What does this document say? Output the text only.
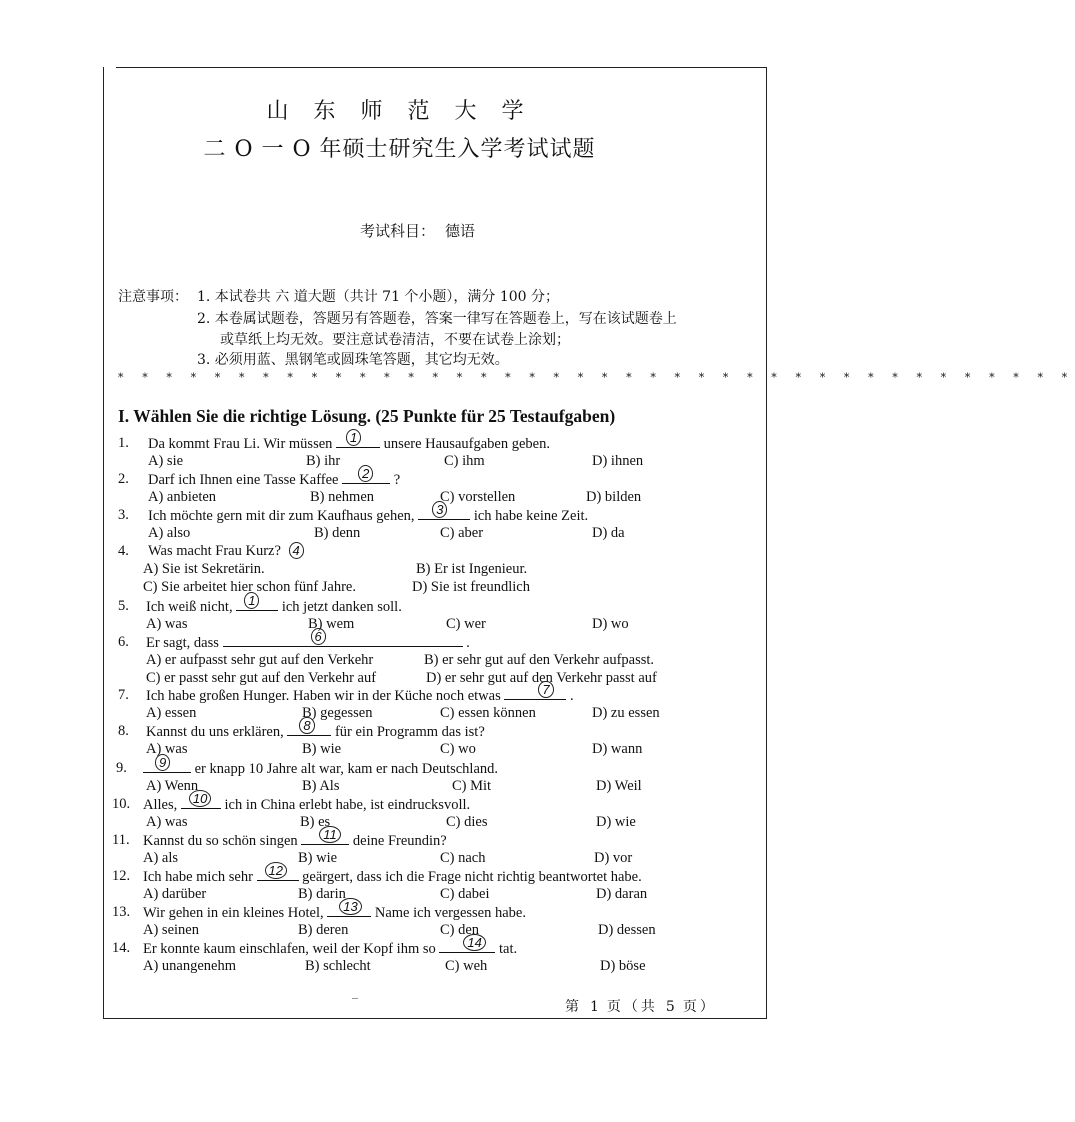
山 东 师 范 大 学
二 O 一 O 年硕士研究生入学考试试题
考试科目： 德语
注意事项： 1. 本试卷共 六 道大题（共计 71 个小题），满分 100 分；
2. 本卷属试题卷，答题另有答题卷，答案一律写在答题卷上，写在该试题卷上
或草纸上均无效。要注意试卷清洁，不要在试卷上涂划；
3. 必须用蓝、黑钢笔或圆珠笔答题，其它均无效。
* * * * * * * * * * * * * * * * * * * * * * * * * * * * * * * * * * * * * * * *
I. Wählen Sie die richtige Lösung. (25 Punkte für 25 Testaufgaben)
1. Da kommt Frau Li. Wir müssen	1 unsere Hausaufgaben geben.
A) sie	B) ihr	C) ihm	D) ihnen
2. Darf ich Ihnen eine Tasse Kaffee	2 ?
A) anbieten	B) nehmen	C) vorstellen	D) bilden
3. Ich möchte gern mit dir zum Kaufhaus gehen,	3 ich habe keine Zeit.
A) also	B) denn	C) aber	D) da
4. Was macht Frau Kurz? 4
A) Sie ist Sekretärin.	B) Er ist Ingenieur.
C) Sie arbeitet hier schon fünf Jahre.	D) Sie ist freundlich
5. Ich weiß nicht,	1 ich jetzt danken soll.
A) was	B) wem	C) wer	D) wo
6. Er sagt, dass	6	.
A) er aufpasst sehr gut auf den Verkehr	B) er sehr gut auf den Verkehr aufpasst.
C) er passt sehr gut auf den Verkehr auf	D) er sehr gut auf den Verkehr passt auf
7. Ich habe großen Hunger. Haben wir in der Küche noch etwas	7 .
A) essen	B) gegessen	C) essen können	D) zu essen
8. Kannst du uns erklären,	8 für ein Programm das ist?
A) was	B) wie	C) wo	D) wann
9.	9 er knapp 10 Jahre alt war, kam er nach Deutschland.
A) Wenn	B) Als	C) Mit	D) Weil
10. Alles,	10 ich in China erlebt habe, ist eindrucksvoll.
A) was	B) es	C) dies	D) wie
11. Kannst du so schön singen	11 deine Freundin?
A) als	B) wie	C) nach	D) vor
12. Ich habe mich sehr	12 geärgert, dass ich die Frage nicht richtig beantwortet habe.
A) darüber	B) darin	C) dabei	D) daran
13. Wir gehen in ein kleines Hotel,	13 Name ich vergessen habe.
A) seinen	B) deren	C) den	D) dessen
14. Er konnte kaum einschlafen, weil der Kopf ihm so	14 tat.
A) unangenehm	B) schlecht	C) weh	D) böse
第 1 页（共 5 页）
